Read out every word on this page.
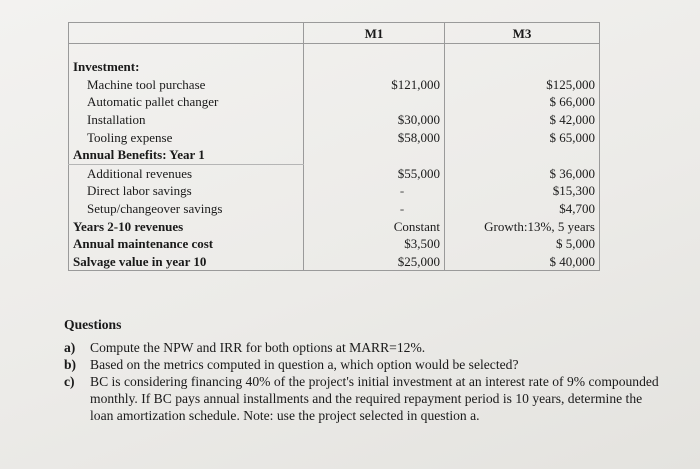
	M1	M3

Investment:		
Machine tool purchase	$121,000	$125,000
Automatic pallet changer		$ 66,000
Installation	$30,000	$ 42,000
Tooling expense	$58,000	$ 65,000
Annual Benefits: Year 1		
Additional revenues	$55,000	$ 36,000
Direct labor savings	-	$15,300
Setup/changeover savings	-	$4,700
Years 2-10 revenues	Constant	Growth:13%, 5 years
Annual maintenance cost	$3,500	$ 5,000
Salvage value in year 10	$25,000	$ 40,000
Questions
a)	Compute the NPW and IRR for both options at MARR=12%.
b)	Based on the metrics computed in question a, which option would be selected?
c)	BC is considering financing 40% of the project's initial investment at an interest rate of 9% compounded monthly. If BC pays annual installments and the required repayment period is 10 years, determine the loan amortization schedule. Note: use the project selected in question a.
